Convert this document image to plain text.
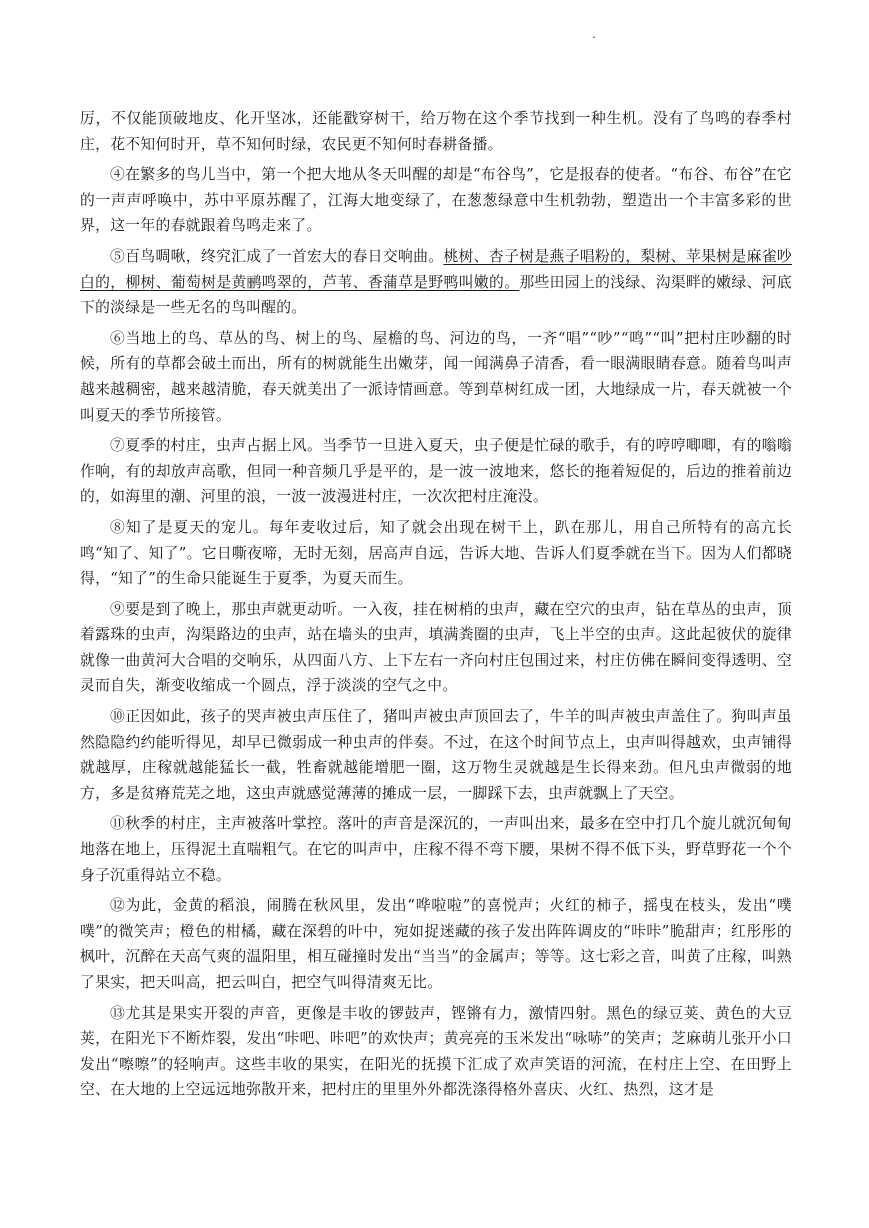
.

厉，不仅能顶破地皮、化开坚冰，还能戳穿树干，给万物在这个季节找到一种生机。没有了鸟鸣的春季村庄，花不知何时开，草不知何时绿，农民更不知何时春耕备播。

④在繁多的鸟儿当中，第一个把大地从冬天叫醒的却是“布谷鸟”，它是报春的使者。“布谷、布谷”在它的一声声呼唤中，苏中平原苏醒了，江海大地变绿了，在葱葱绿意中生机勃勃，塑造出一个丰富多彩的世界，这一年的春就跟着鸟鸣走来了。

⑤百鸟啁啾，终究汇成了一首宏大的春日交响曲。桃树、杏子树是燕子唱粉的，梨树、苹果树是麻雀吵白的，柳树、葡萄树是黄鹂鸣翠的，芦苇、香蒲草是野鸭叫嫩的。那些田园上的浅绿、沟渠畔的嫩绿、河底下的淡绿是一些无名的鸟叫醒的。

⑥当地上的鸟、草丛的鸟、树上的鸟、屋檐的鸟、河边的鸟，一齐“唱”“吵”“鸣”“叫”把村庄吵翻的时候，所有的草都会破土而出，所有的树就能生出嫩芽，闻一闻满鼻子清香，看一眼满眼睛春意。随着鸟叫声越来越稠密，越来越清脆，春天就美出了一派诗情画意。等到草树红成一团，大地绿成一片，春天就被一个叫夏天的季节所接管。

⑦夏季的村庄，虫声占据上风。当季节一旦进入夏天，虫子便是忙碌的歌手，有的哼哼唧唧，有的嗡嗡作响，有的却放声高歌，但同一种音频几乎是平的，是一波一波地来，悠长的拖着短促的，后边的推着前边的，如海里的潮、河里的浪，一波一波漫进村庄，一次次把村庄淹没。

⑧知了是夏天的宠儿。每年麦收过后，知了就会出现在树干上，趴在那儿，用自己所特有的高亢长鸣“知了、知了”。它日嘶夜啼，无时无刻，居高声自远，告诉大地、告诉人们夏季就在当下。因为人们都晓得，“知了”的生命只能诞生于夏季，为夏天而生。

⑨要是到了晚上，那虫声就更动听。一入夜，挂在树梢的虫声，藏在空穴的虫声，钻在草丛的虫声，顶着露珠的虫声，沟渠路边的虫声，站在墙头的虫声，填满粪圈的虫声，飞上半空的虫声。这此起彼伏的旋律就像一曲黄河大合唱的交响乐，从四面八方、上下左右一齐向村庄包围过来，村庄仿佛在瞬间变得透明、空灵而自失，渐变收缩成一个圆点，浮于淡淡的空气之中。

⑩正因如此，孩子的哭声被虫声压住了，猪叫声被虫声顶回去了，牛羊的叫声被虫声盖住了。狗叫声虽然隐隐约约能听得见，却早已微弱成一种虫声的伴奏。不过，在这个时间节点上，虫声叫得越欢，虫声铺得就越厚，庄稼就越能猛长一截，牲畜就越能增肥一圈，这万物生灵就越是生长得来劲。但凡虫声微弱的地方，多是贫瘠荒芜之地，这虫声就感觉薄薄的摊成一层，一脚踩下去，虫声就飘上了天空。

⑪秋季的村庄，主声被落叶掌控。落叶的声音是深沉的，一声叫出来，最多在空中打几个旋儿就沉甸甸地落在地上，压得泥土直喘粗气。在它的叫声中，庄稼不得不弯下腰，果树不得不低下头，野草野花一个个身子沉重得站立不稳。

⑫为此，金黄的稻浪，闹腾在秋风里，发出“哗啦啦”的喜悦声；火红的柿子，摇曳在枝头，发出“噗噗”的微笑声；橙色的柑橘，藏在深碧的叶中，宛如捉迷藏的孩子发出阵阵调皮的“咔咔”脆甜声；红彤彤的枫叶，沉醉在天高气爽的温阳里，相互碰撞时发出“当当”的金属声；等等。这七彩之音，叫黄了庄稼，叫熟了果实，把天叫高，把云叫白，把空气叫得清爽无比。

⑬尤其是果实开裂的声音，更像是丰收的锣鼓声，铿锵有力，激情四射。黑色的绿豆荚、黄色的大豆荚，在阳光下不断炸裂，发出“咔吧、咔吧”的欢快声；黄亮亮的玉米发出“咏哧”的笑声；芝麻萌儿张开小口发出“嚓嚓”的轻响声。这些丰收的果实，在阳光的抚摸下汇成了欢声笑语的河流，在村庄上空、在田野上空、在大地的上空远远地弥散开来，把村庄的里里外外都洗涤得格外喜庆、火红、热烈，这才是
